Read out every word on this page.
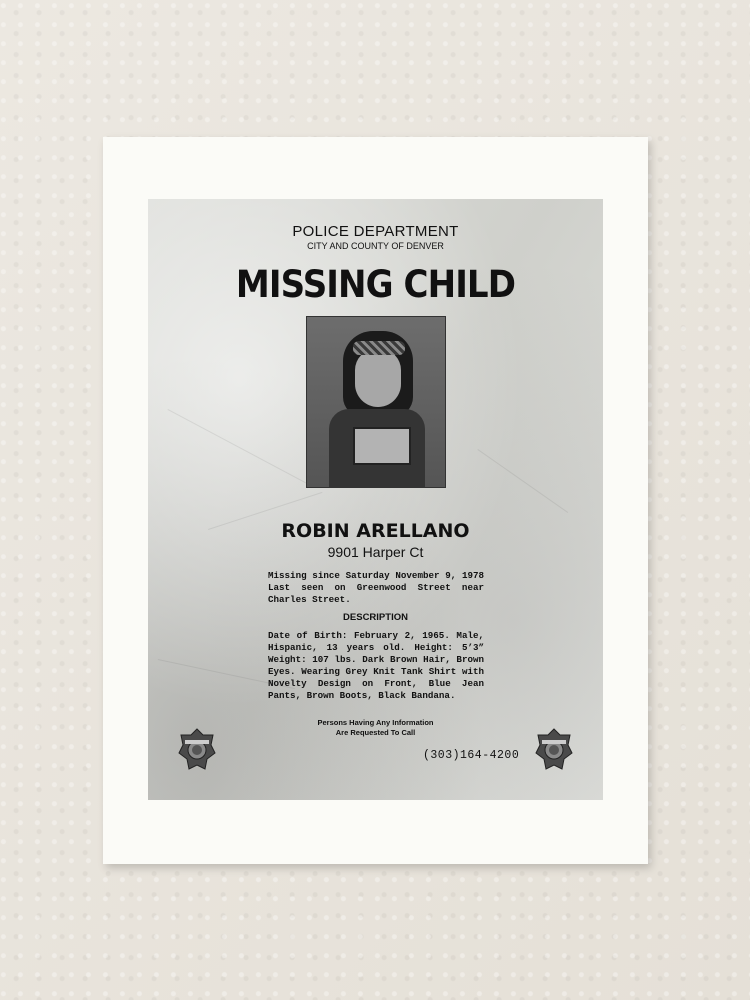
POLICE DEPARTMENT
CITY AND COUNTY OF DENVER
MISSING CHILD
ROBIN ARELLANO
9901 Harper Ct
Missing since Saturday November 9, 1978 Last seen on Greenwood Street near Charles Street.
DESCRIPTION
Date of Birth: February 2, 1965. Male, Hispanic, 13 years old. Height: 5’3” Weight: 107 lbs. Dark Brown Hair, Brown Eyes. Wearing Grey Knit Tank Shirt with Novelty Design on Front, Blue Jean Pants, Brown Boots, Black Bandana.
Persons Having Any Information
Are Requested To Call
(303)164-4200
